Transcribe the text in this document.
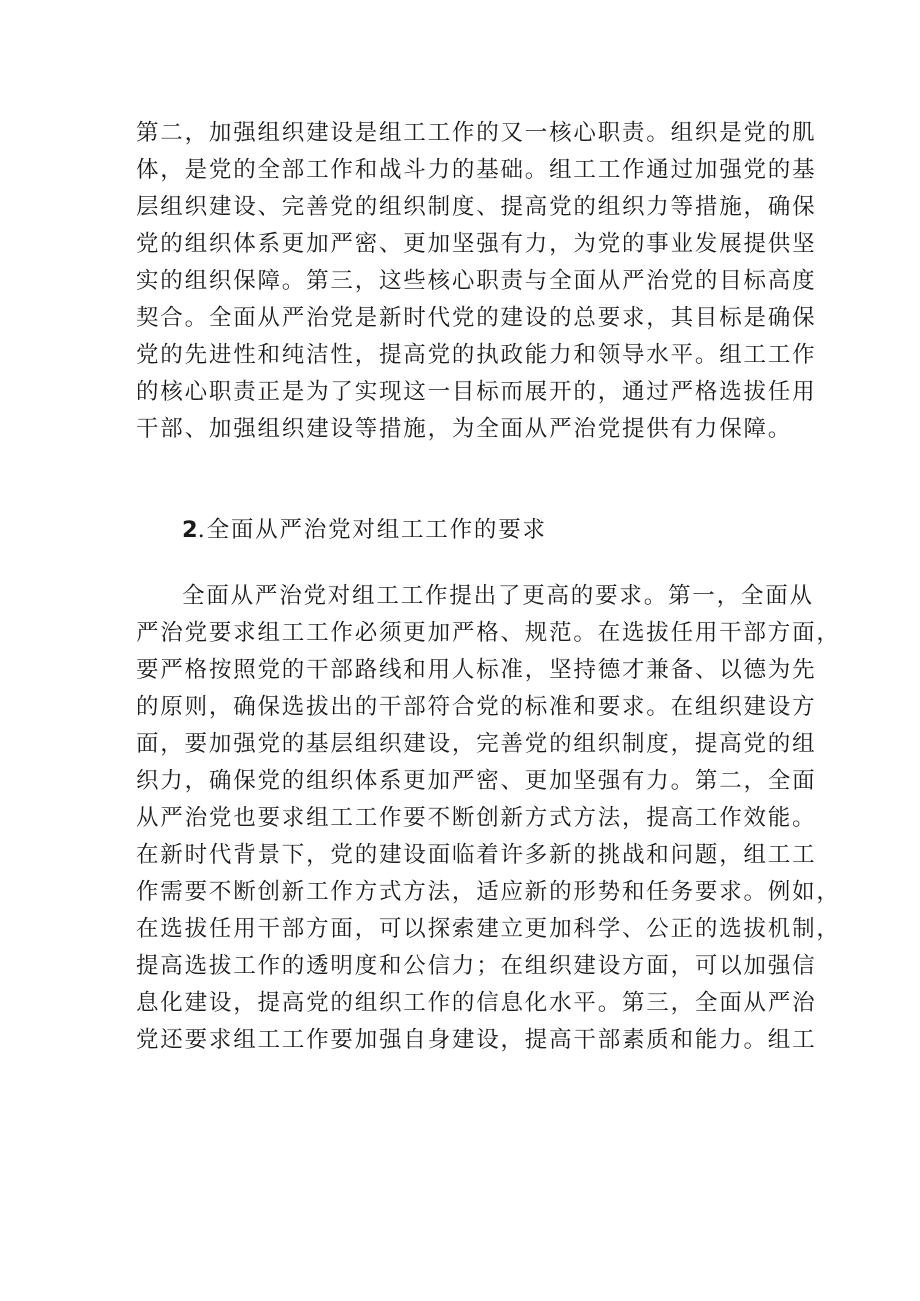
第二，加强组织建设是组工工作的又一核心职责。组织是党的肌
体，是党的全部工作和战斗力的基础。组工工作通过加强党的基
层组织建设、完善党的组织制度、提高党的组织力等措施，确保
党的组织体系更加严密、更加坚强有力，为党的事业发展提供坚
实的组织保障。第三，这些核心职责与全面从严治党的目标高度
契合。全面从严治党是新时代党的建设的总要求，其目标是确保
党的先进性和纯洁性，提高党的执政能力和领导水平。组工工作
的核心职责正是为了实现这一目标而展开的，通过严格选拔任用
干部、加强组织建设等措施，为全面从严治党提供有力保障。
2.全面从严治党对组工工作的要求
全面从严治党对组工工作提出了更高的要求。第一，全面从
严治党要求组工工作必须更加严格、规范。在选拔任用干部方面，
要严格按照党的干部路线和用人标准，坚持德才兼备、以德为先
的原则，确保选拔出的干部符合党的标准和要求。在组织建设方
面，要加强党的基层组织建设，完善党的组织制度，提高党的组
织力，确保党的组织体系更加严密、更加坚强有力。第二，全面
从严治党也要求组工工作要不断创新方式方法，提高工作效能。
在新时代背景下，党的建设面临着许多新的挑战和问题，组工工
作需要不断创新工作方式方法，适应新的形势和任务要求。例如，
在选拔任用干部方面，可以探索建立更加科学、公正的选拔机制，
提高选拔工作的透明度和公信力；在组织建设方面，可以加强信
息化建设，提高党的组织工作的信息化水平。第三，全面从严治
党还要求组工工作要加强自身建设，提高干部素质和能力。组工
